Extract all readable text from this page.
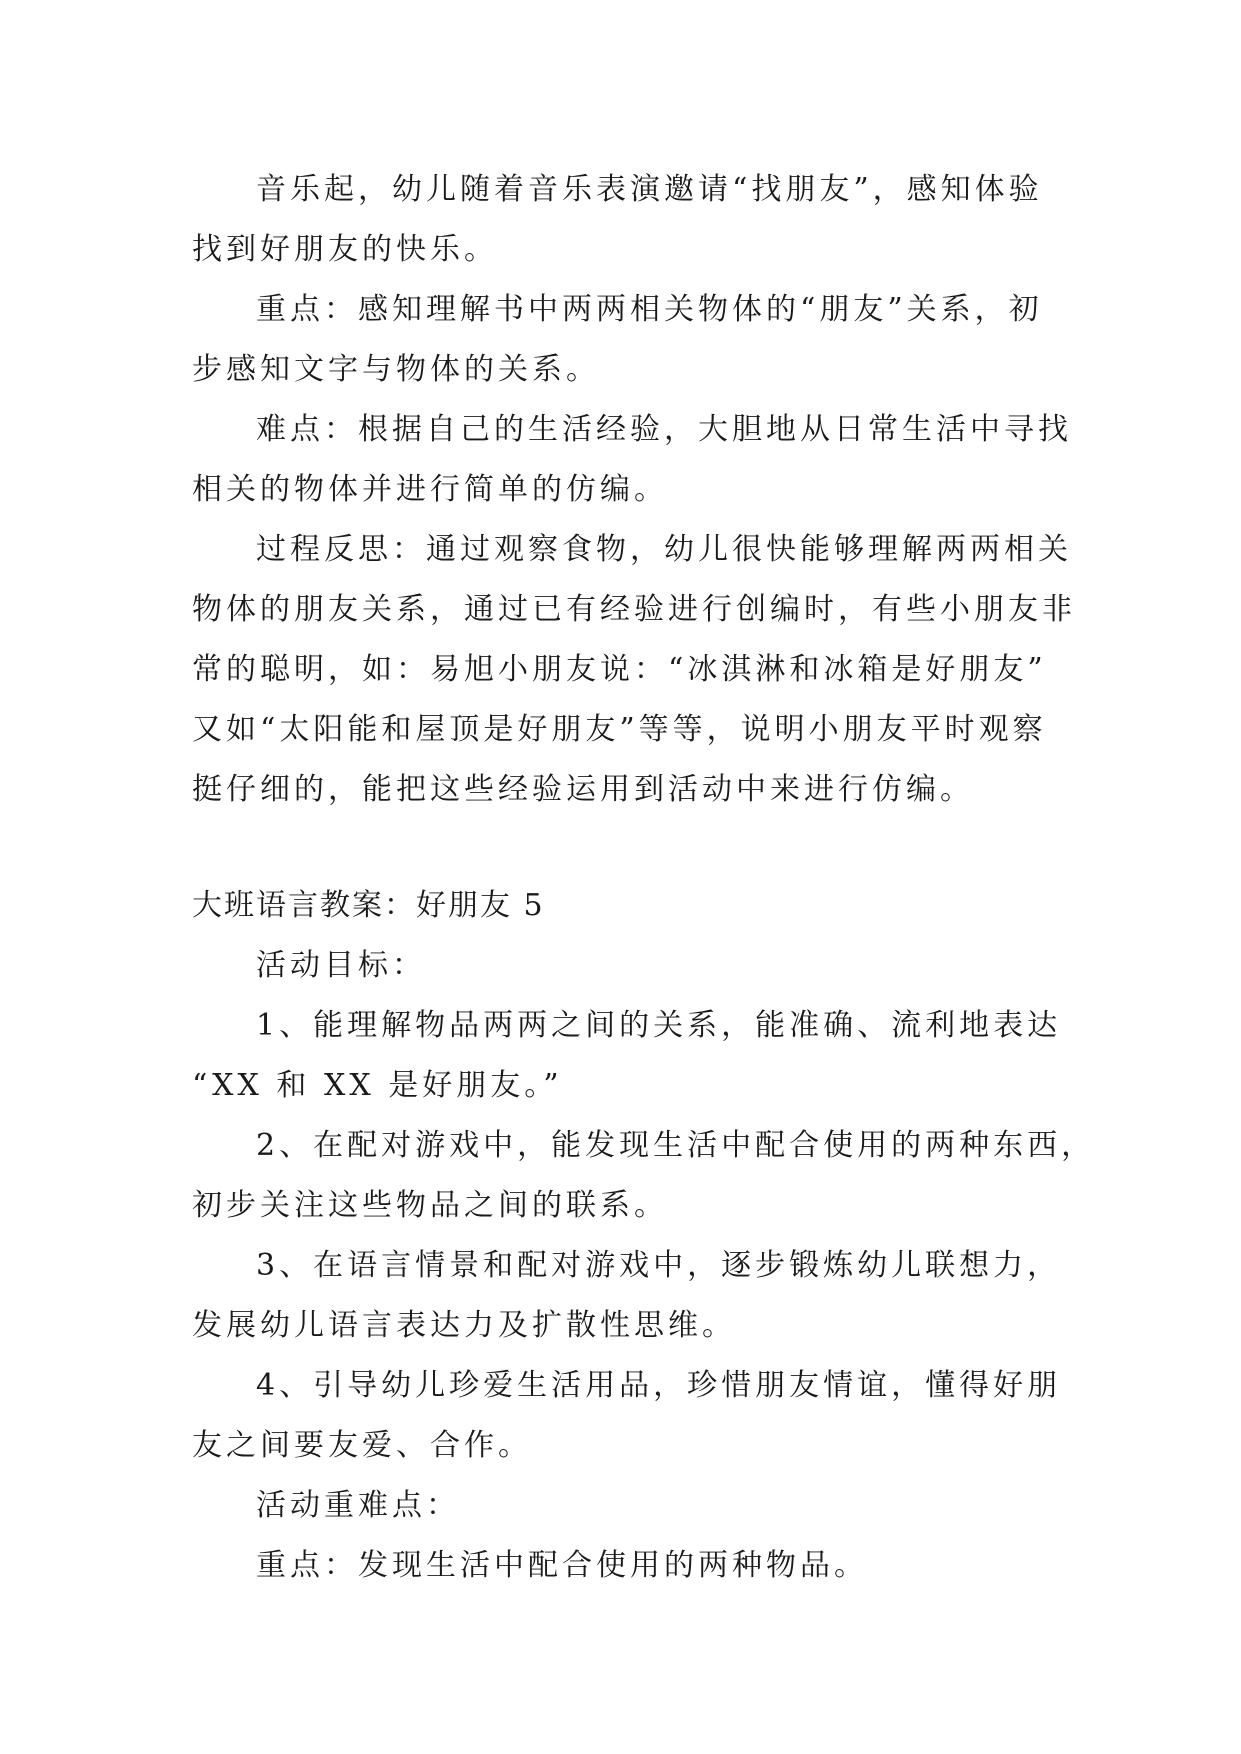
音乐起，幼儿随着音乐表演邀请“找朋友”，感知体验
找到好朋友的快乐。
重点：感知理解书中两两相关物体的“朋友”关系，初
步感知文字与物体的关系。
难点：根据自己的生活经验，大胆地从日常生活中寻找
相关的物体并进行简单的仿编。
过程反思：通过观察食物，幼儿很快能够理解两两相关
物体的朋友关系，通过已有经验进行创编时，有些小朋友非
常的聪明，如：易旭小朋友说：“冰淇淋和冰箱是好朋友”
又如“太阳能和屋顶是好朋友”等等，说明小朋友平时观察
挺仔细的，能把这些经验运用到活动中来进行仿编。
大班语言教案：好朋友 5
活动目标：
1、能理解物品两两之间的关系，能准确、流利地表达
“XX 和 XX 是好朋友。”
2、在配对游戏中，能发现生活中配合使用的两种东西，
初步关注这些物品之间的联系。
3、在语言情景和配对游戏中，逐步锻炼幼儿联想力，
发展幼儿语言表达力及扩散性思维。
4、引导幼儿珍爱生活用品，珍惜朋友情谊，懂得好朋
友之间要友爱、合作。
活动重难点：
重点：发现生活中配合使用的两种物品。
